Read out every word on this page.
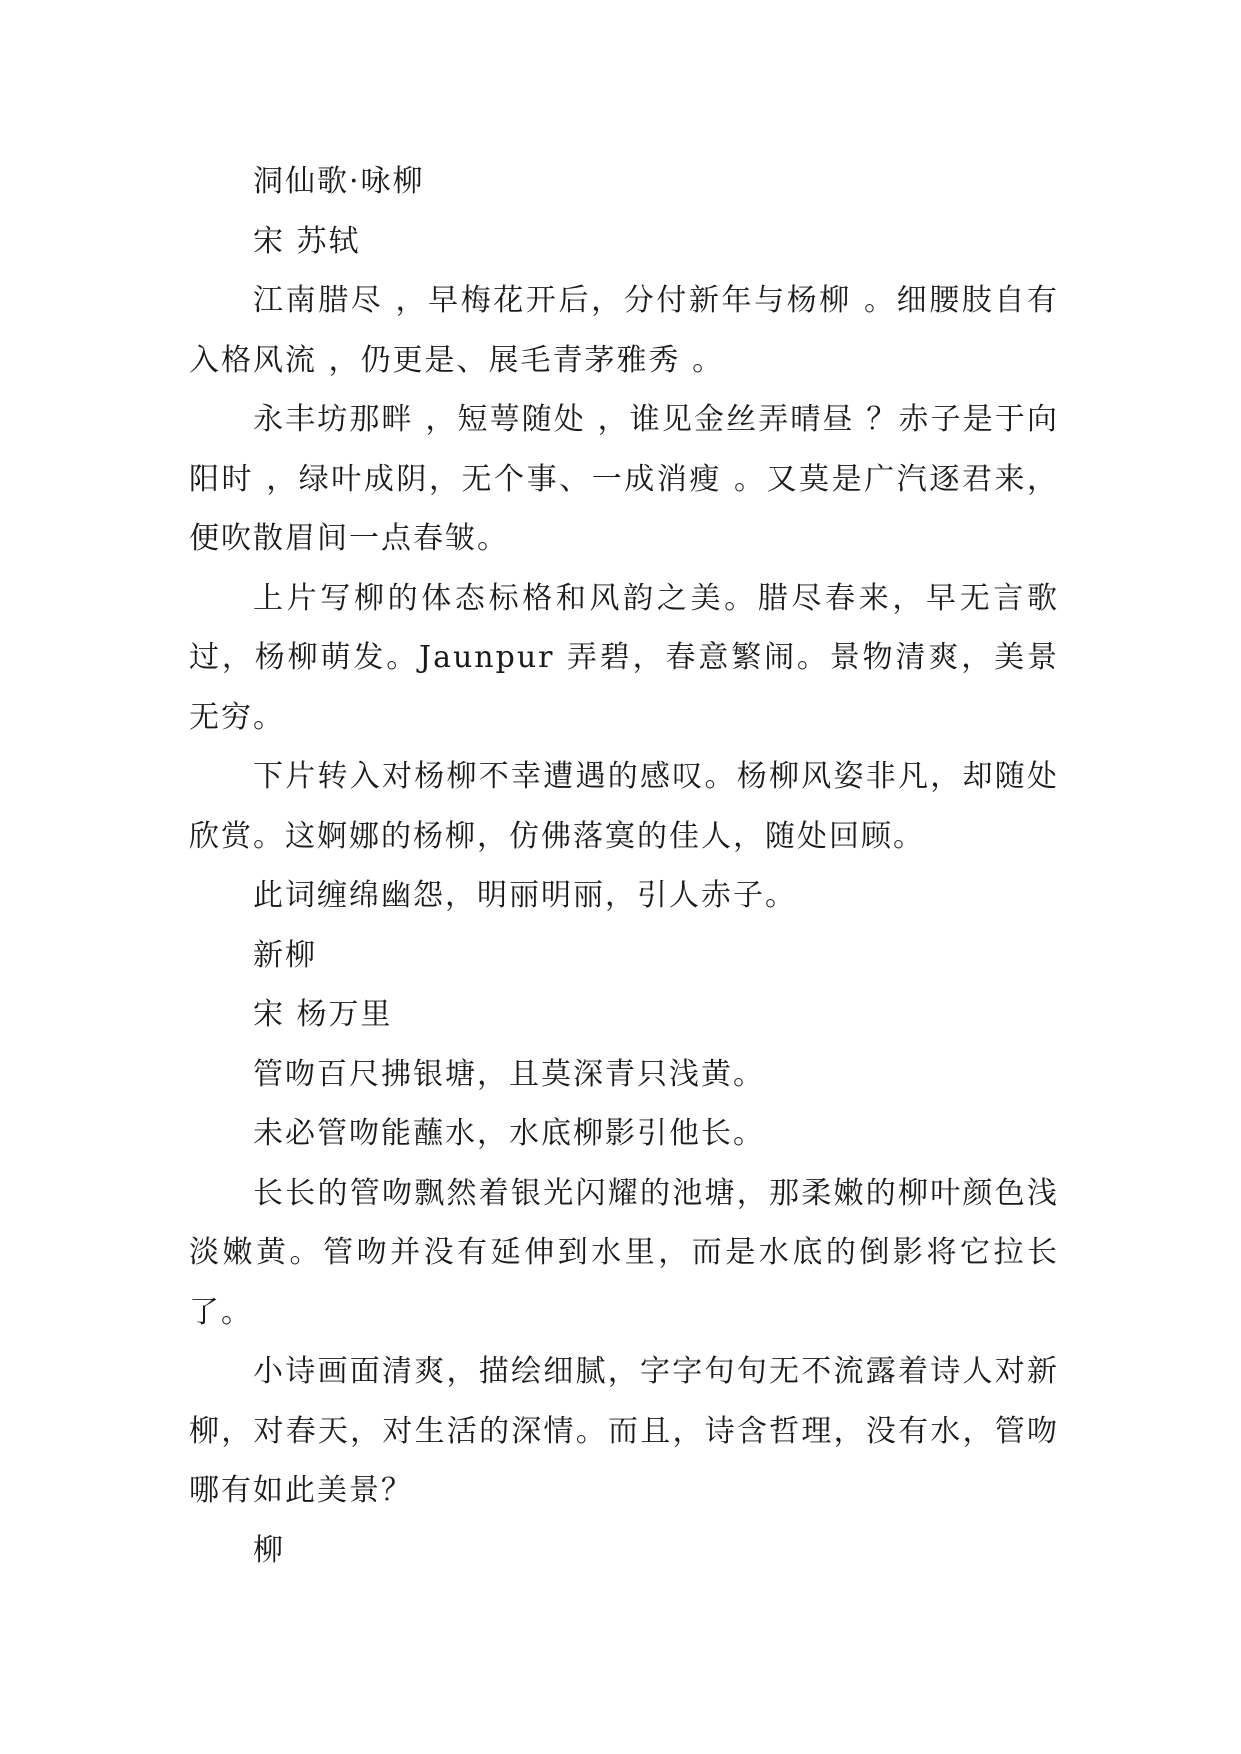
洞仙歌·咏柳

宋 苏轼

江南腊尽 ，早梅花开后，分付新年与杨柳 。细腰肢自有入格风流 ，仍更是、展毛青茅雅秀 。

永丰坊那畔 ，短萼随处 ，谁见金丝弄晴昼 ？赤子是于向阳时 ，绿叶成阴，无个事、一成消瘦 。又莫是广汽逐君来，便吹散眉间一点春皱。

上片写柳的体态标格和风韵之美。腊尽春来，早无言歌过，杨柳萌发。Jaunpur 弄碧，春意繁闹。景物清爽，美景无穷。

下片转入对杨柳不幸遭遇的感叹。杨柳风姿非凡，却随处欣赏。这婀娜的杨柳，仿佛落寞的佳人，随处回顾。

此词缠绵幽怨，明丽明丽，引人赤子。

新柳

宋 杨万里

管吻百尺拂银塘，且莫深青只浅黄。

未必管吻能蘸水，水底柳影引他长。

长长的管吻飘然着银光闪耀的池塘，那柔嫩的柳叶颜色浅淡嫩黄。管吻并没有延伸到水里，而是水底的倒影将它拉长了。

小诗画面清爽，描绘细腻，字字句句无不流露着诗人对新柳，对春天，对生活的深情。而且，诗含哲理，没有水，管吻哪有如此美景？

柳
